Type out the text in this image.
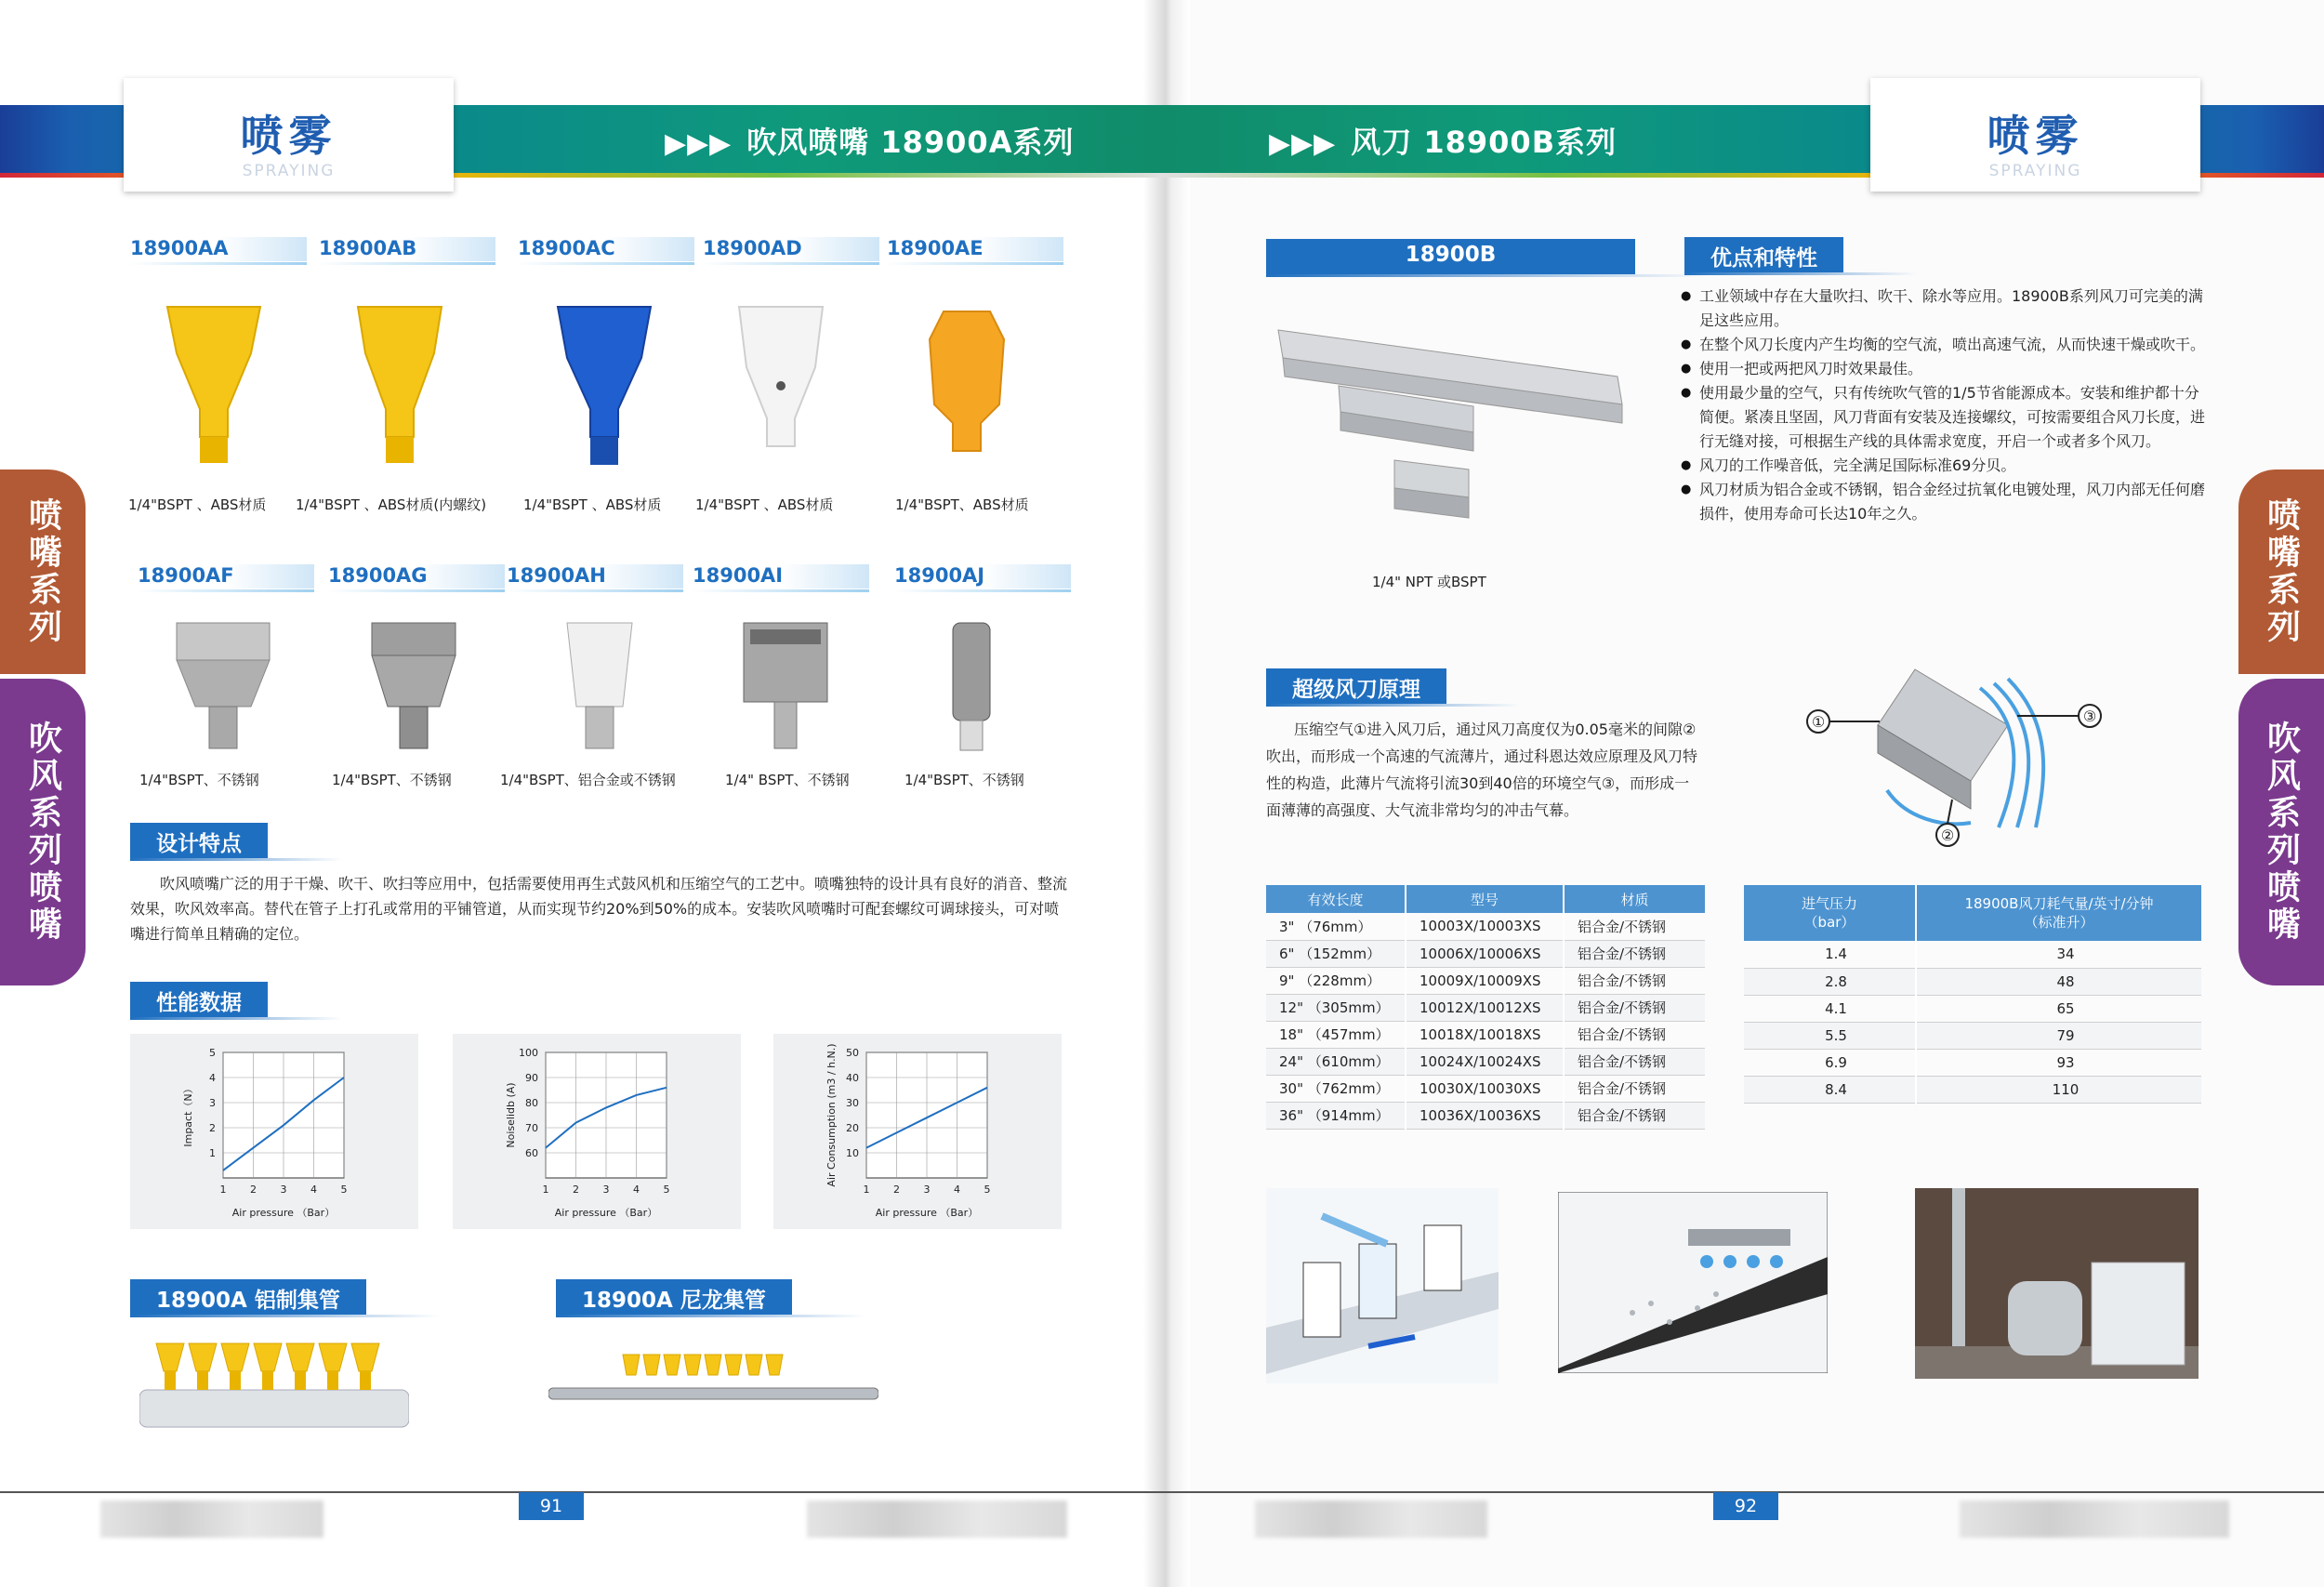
喷雾
SPRAYING
喷雾
SPRAYING
▶▶▶ 吹风喷嘴 18900A系列	▶▶▶ 风刀 18900B系列
喷嘴系列
吹风系列喷嘴
喷嘴系列
吹风系列喷嘴
18900AA	18900AB	18900AC	18900AD	18900AE
1/4"BSPT 、ABS材质 1/4"BSPT 、ABS材质(内螺纹)	1/4"BSPT 、ABS材质 1/4"BSPT 、ABS材质	1/4"BSPT、ABS材质
18900AF	18900AG	18900AH	18900AI	18900AJ
1/4"BSPT、不锈钢	1/4"BSPT、不锈钢	1/4"BSPT、铝合金或不锈钢	1/4" BSPT、不锈钢	1/4"BSPT、不锈钢
设计特点
吹风喷嘴广泛的用于干燥、吹干、吹扫等应用中，包括需要使用再生式鼓风机和压缩空气的工艺中。喷嘴独特的设计具有良好的消音、整流效果，吹风效率高。替代在管子上打孔或常用的平铺管道，从而实现节约20%到50%的成本。安装吹风喷嘴时可配套螺纹可调球接头，可对喷嘴进行简单且精确的定位。
性能数据
1 2 3 4 5
1
2
3
4
5
Air pressure （Bar）
Impact（N）
1 2 3 4 5
60
70
80
90
100
Air pressure （Bar）
Noiselidb (A)
1 2 3 4 5
10
20
30
40
50
Air pressure （Bar）
Air Consumption (m3 / h.N.)
18900A 铝制集管	18900A 尼龙集管
18900B
1/4" NPT 或BSPT
优点和特性
● 工业领域中存在大量吹扫、吹干、除水等应用。18900B系列风刀可完美的满足这些应用。
● 在整个风刀长度内产生均衡的空气流，喷出高速气流，从而快速干燥或吹干。
● 使用一把或两把风刀时效果最佳。
● 使用最少量的空气，只有传统吹气管的1/5节省能源成本。安装和维护都十分简便。紧凑且坚固，风刀背面有安装及连接螺纹，可按需要组合风刀长度，进行无缝对接，可根据生产线的具体需求宽度，开启一个或者多个风刀。
● 风刀的工作噪音低，完全满足国际标准69分贝。
● 风刀材质为铝合金或不锈钢，铝合金经过抗氧化电镀处理，风刀内部无任何磨损件，使用寿命可长达10年之久。
超级风刀原理
压缩空气①进入风刀后，通过风刀高度仅为0.05毫米的间隙②吹出，而形成一个高速的气流薄片，通过科恩达效应原理及风刀特性的构造，此薄片气流将引流30到40倍的环境空气③，而形成一面薄薄的高强度、大气流非常均匀的冲击气幕。
①	③
②
有效长度	型号	材质
3" （76mm）	10003X/10003XS	铝合金/不锈钢
6" （152mm）	10006X/10006XS	铝合金/不锈钢
9" （228mm）	10009X/10009XS	铝合金/不锈钢
12" （305mm）	10012X/10012XS	铝合金/不锈钢
18" （457mm）	10018X/10018XS	铝合金/不锈钢
24" （610mm）	10024X/10024XS	铝合金/不锈钢
30" （762mm）	10030X/10030XS	铝合金/不锈钢
36" （914mm）	10036X/10036XS	铝合金/不锈钢
进气压力
（bar）	18900B风刀耗气量/英寸/分钟
（标准升）
1.4	34
2.8	48
4.1	65
5.5	79
6.9	93
8.4	110
91	92
